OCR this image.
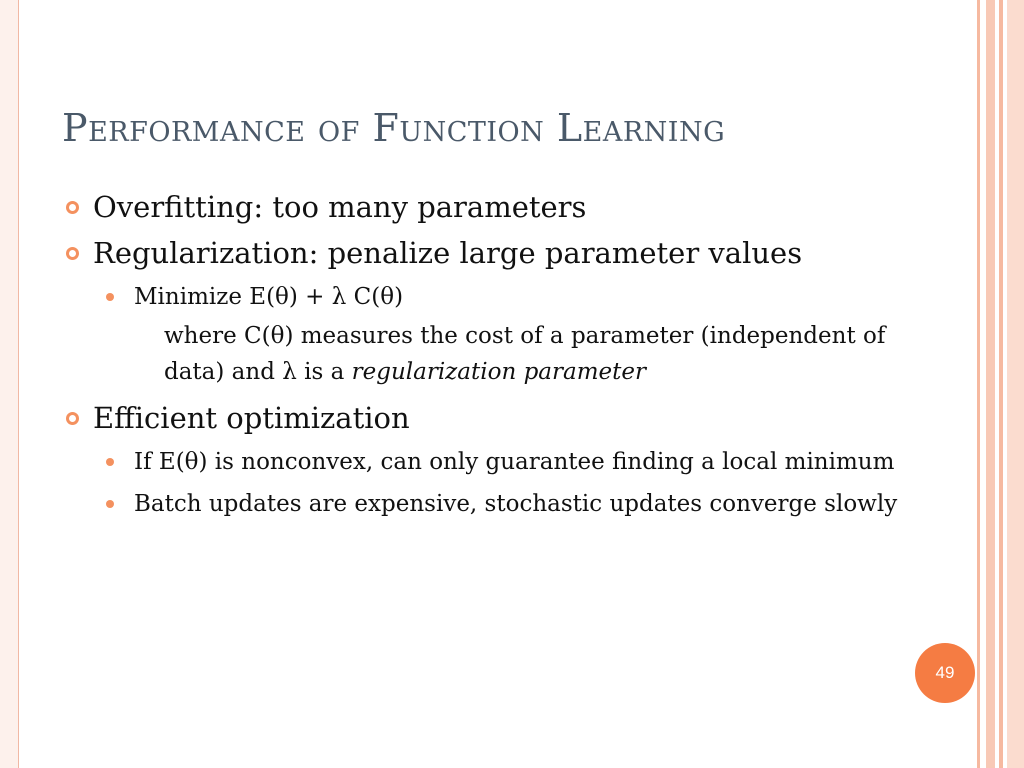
Performance of Function Learning
Overfitting: too many parameters
Regularization: penalize large parameter values
Minimize E(θ) + λ C(θ)
where C(θ) measures the cost of a parameter (independent of data) and λ is a regularization parameter
Efficient optimization
If E(θ) is nonconvex, can only guarantee finding a local minimum
Batch updates are expensive, stochastic updates converge slowly
49
